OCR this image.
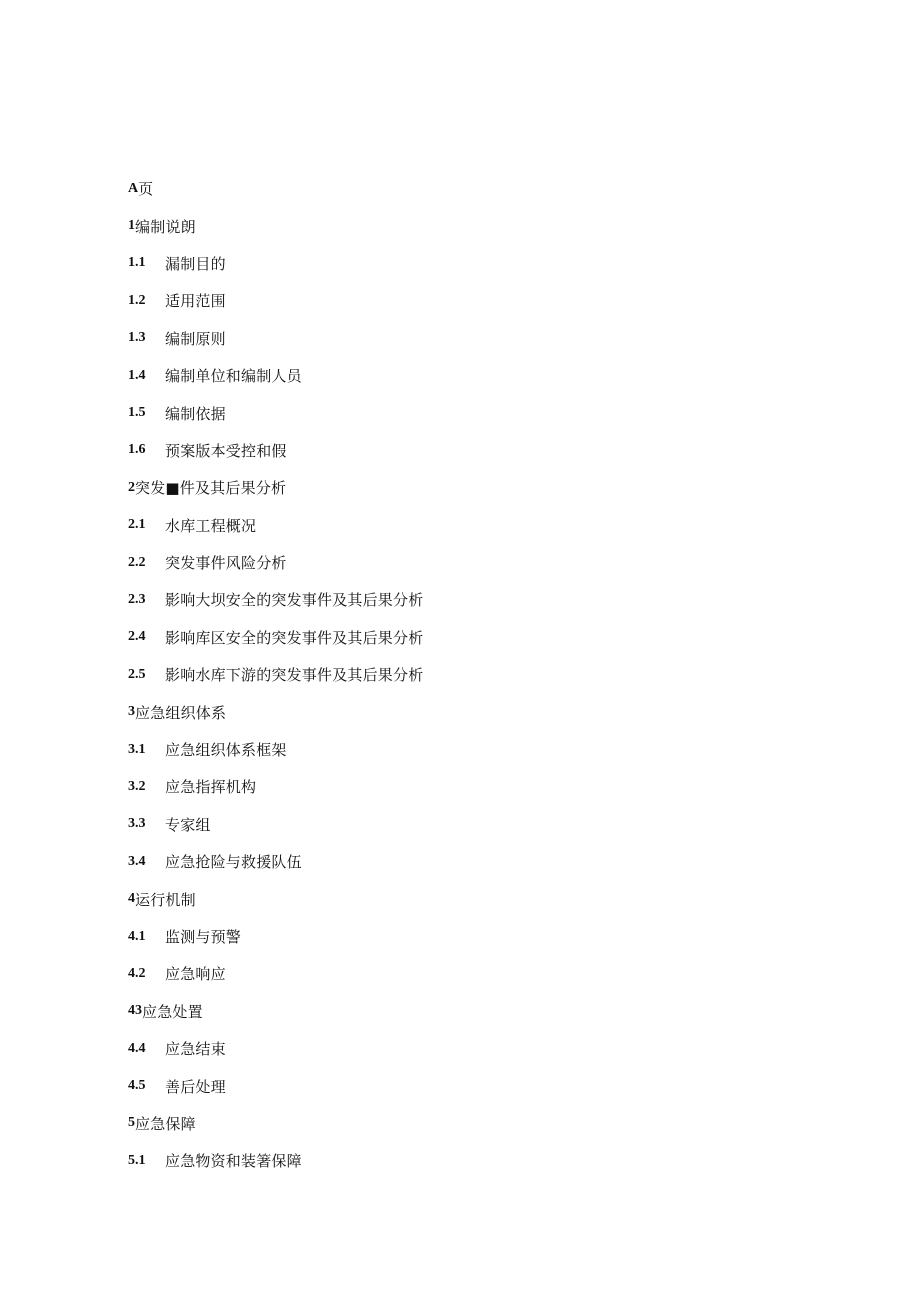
A 页
1 编制说朗
1.1	漏制目的
1.2	适用范围
1.3	编制原则
1.4	编制单位和编制人员
1.5	编制依据
1.6	预案版本受控和假
2 突发■件及其后果分析
2.1	水库工程概况
2.2	突发事件风险分析
2.3	影响大坝安全的突发事件及其后果分析
2.4	影响库区安全的突发事件及其后果分析
2.5	影响水库下游的突发事件及其后果分析
3 应急组织体系
3.1	应急组织体系框架
3.2	应急指挥机构
3.3	专家组
3.4	应急抢险与救援队伍
4 运行机制
4.1	监测与预警
4.2	应急响应
43 应急处置
4.4	应急结束
4.5	善后处理
5 应急保障
5.1	应急物资和装箸保障
